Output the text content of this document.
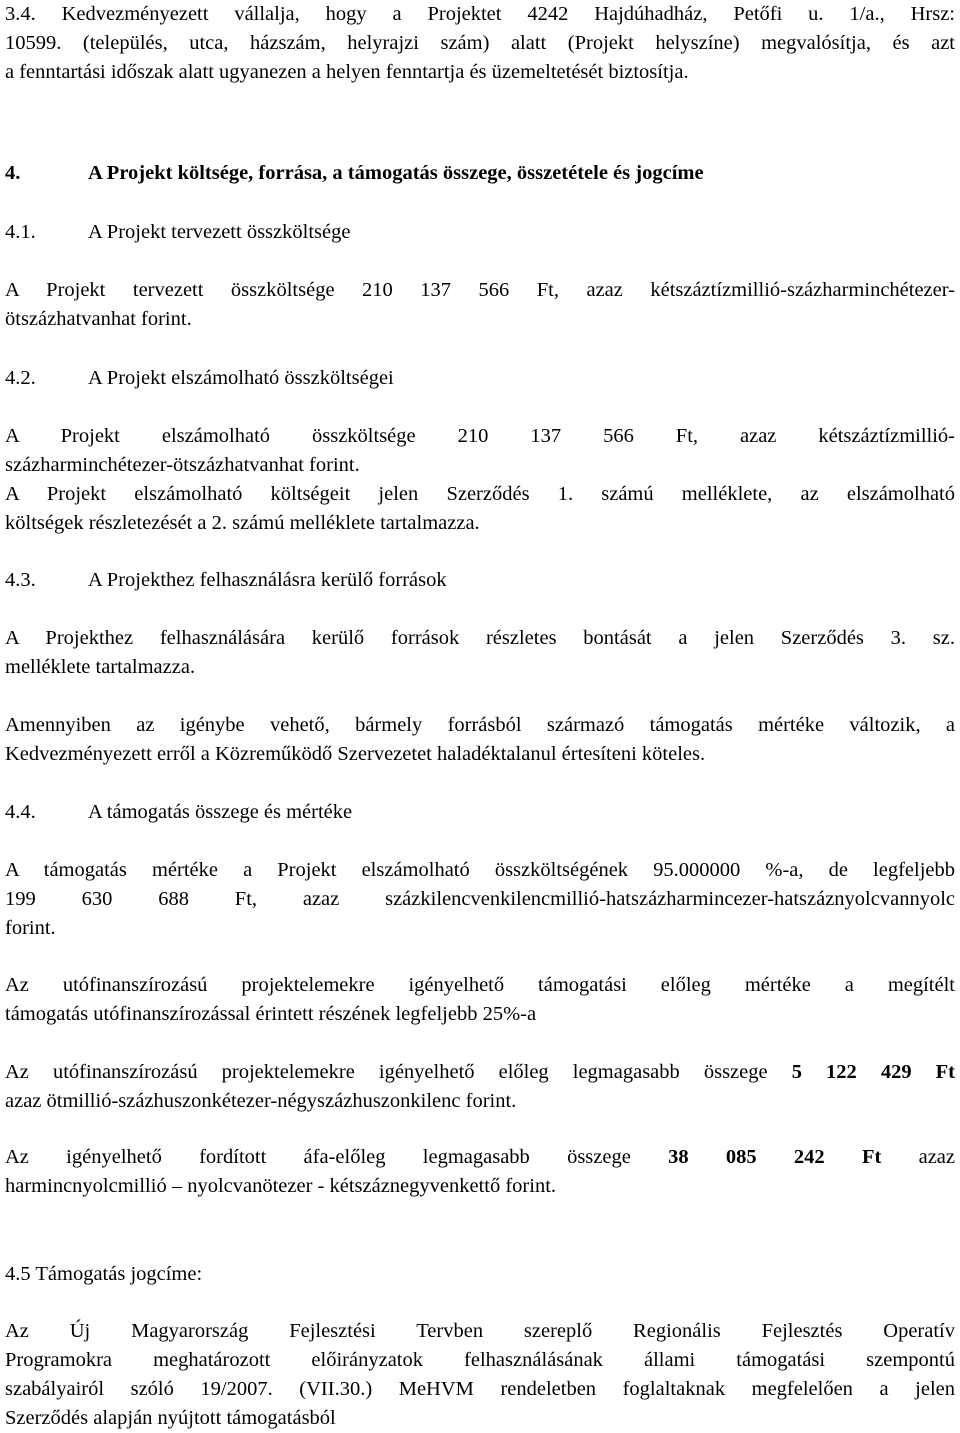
3.4. Kedvezményezett vállalja, hogy a Projektet 4242 Hajdúhadház, Petőfi u. 1/a., Hrsz:
10599. (település, utca, házszám, helyrajzi szám) alatt (Projekt helyszíne) megvalósítja, és azt
a fenntartási időszak alatt ugyanezen a helyen fenntartja és üzemeltetését biztosítja.
4.	A Projekt költsége, forrása, a támogatás összege, összetétele és jogcíme
4.1.	A Projekt tervezett összköltsége
A Projekt tervezett összköltsége 210 137 566 Ft, azaz kétszáztízmillió-százharminchétezer-
ötszázhatvanhat forint.
4.2.	A Projekt elszámolható összköltségei
A Projekt elszámolható összköltsége 210 137 566 Ft, azaz kétszáztízmillió-
százharminchétezer-ötszázhatvanhat forint.
A Projekt elszámolható költségeit jelen Szerződés 1. számú melléklete, az elszámolható
költségek részletezését a 2. számú melléklete tartalmazza.
4.3.	A Projekthez felhasználásra kerülő források
A Projekthez felhasználására kerülő források részletes bontását a jelen Szerződés 3. sz.
melléklete tartalmazza.
Amennyiben az igénybe vehető, bármely forrásból származó támogatás mértéke változik, a
Kedvezményezett erről a Közreműködő Szervezetet haladéktalanul értesíteni köteles.
4.4.	A támogatás összege és mértéke
A támogatás mértéke a Projekt elszámolható összköltségének 95.000000 %-a, de legfeljebb
199 630 688 Ft, azaz százkilencvenkilencmillió-hatszázharmincezer-hatszáznyolcvannyolc
forint.
Az utófinanszírozású projektelemekre igényelhető támogatási előleg mértéke a megítélt
támogatás utófinanszírozással érintett részének legfeljebb 25%-a
Az utófinanszírozású projektelemekre igényelhető előleg legmagasabb összege 5 122 429 Ft
azaz ötmillió-százhuszonkétezer-négyszázhuszonkilenc forint.
Az igényelhető fordított áfa-előleg legmagasabb összege 38 085 242 Ft azaz
harmincnyolcmillió – nyolcvanötezer - kétszáznegyvenkettő forint.
4.5 Támogatás jogcíme:
Az Új Magyarország Fejlesztési Tervben szereplő Regionális Fejlesztés Operatív
Programokra meghatározott előirányzatok felhasználásának állami támogatási szempontú
szabályairól szóló 19/2007. (VII.30.) MeHVM rendeletben foglaltaknak megfelelően a jelen
Szerződés alapján nyújtott támogatásból
